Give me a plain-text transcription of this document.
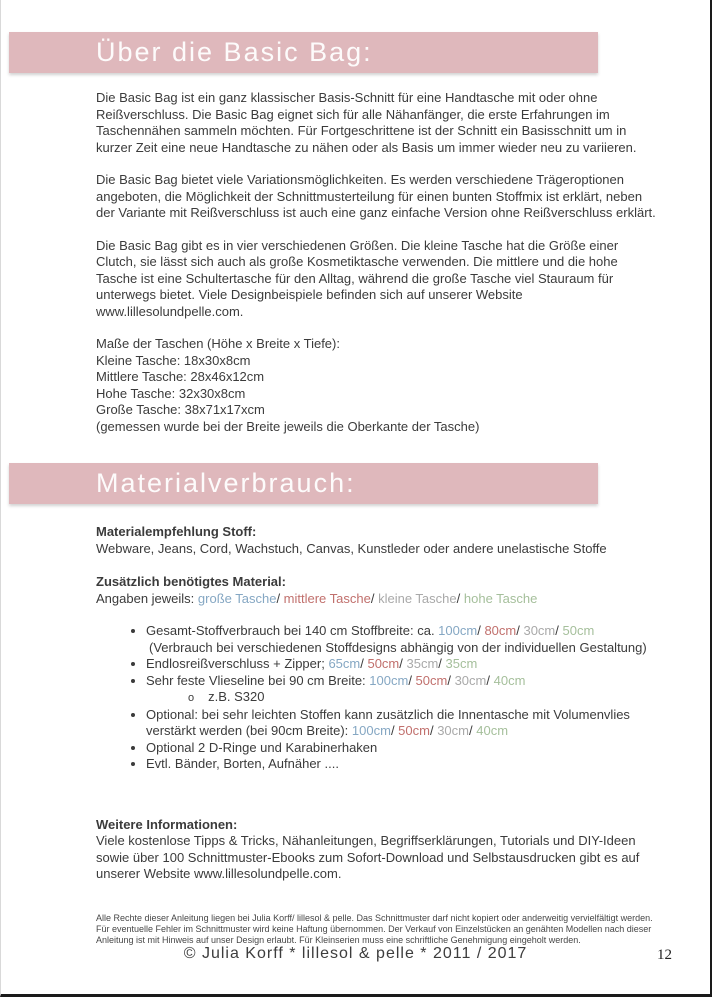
Über die Basic Bag:

Die Basic Bag ist ein ganz klassischer Basis-Schnitt für eine Handtasche mit oder ohne Reißverschluss. Die Basic Bag eignet sich für alle Nähanfänger, die erste Erfahrungen im Taschennähen sammeln möchten. Für Fortgeschrittene ist der Schnitt ein Basisschnitt um in kurzer Zeit eine neue Handtasche zu nähen oder als Basis um immer wieder neu zu variieren.

Die Basic Bag bietet viele Variationsmöglichkeiten. Es werden verschiedene Trägeroptionen angeboten, die Möglichkeit der Schnittmusterteilung für einen bunten Stoffmix ist erklärt, neben der Variante mit Reißverschluss ist auch eine ganz einfache Version ohne Reißverschluss erklärt.

Die Basic Bag gibt es in vier verschiedenen Größen. Die kleine Tasche hat die Größe einer Clutch, sie lässt sich auch als große Kosmetiktasche verwenden. Die mittlere und die hohe Tasche ist eine Schultertasche für den Alltag, während die große Tasche viel Stauraum für unterwegs bietet. Viele Designbeispiele befinden sich auf unserer Website www.lillesolundpelle.com.

Maße der Taschen (Höhe x Breite x Tiefe):
Kleine Tasche: 18x30x8cm
Mittlere Tasche: 28x46x12cm
Hohe Tasche: 32x30x8cm
Große Tasche: 38x71x17xcm
(gemessen wurde bei der Breite jeweils die Oberkante der Tasche)
Materialverbrauch:
Materialempfehlung Stoff:
Webware, Jeans, Cord, Wachstuch, Canvas, Kunstleder oder andere unelastische Stoffe
Zusätzlich benötigtes Material:
Angaben jeweils: große Tasche/ mittlere Tasche/ kleine Tasche/ hohe Tasche
• Gesamt-Stoffverbrauch bei 140 cm Stoffbreite: ca. 100cm/ 80cm/ 30cm/ 50cm
(Verbrauch bei verschiedenen Stoffdesigns abhängig von der individuellen Gestaltung)
• Endlosreißverschluss + Zipper; 65cm/ 50cm/ 35cm/ 35cm
• Sehr feste Vlieseline bei 90 cm Breite: 100cm/ 50cm/ 30cm/ 40cm
o z.B. S320
• Optional: bei sehr leichten Stoffen kann zusätzlich die Innentasche mit Volumenvlies verstärkt werden (bei 90cm Breite): 100cm/ 50cm/ 30cm/ 40cm
• Optional 2 D-Ringe und Karabinerhaken
• Evtl. Bänder, Borten, Aufnäher ....
Weitere Informationen:
Viele kostenlose Tipps & Tricks, Nähanleitungen, Begriffserklärungen, Tutorials und DIY-Ideen sowie über 100 Schnittmuster-Ebooks zum Sofort-Download und Selbstausdrucken gibt es auf unserer Website www.lillesolundpelle.com.
Alle Rechte dieser Anleitung liegen bei Julia Korff/ lillesol & pelle. Das Schnittmuster darf nicht kopiert oder anderweitig vervielfältigt werden. Für eventuelle Fehler im Schnittmuster wird keine Haftung übernommen. Der Verkauf von Einzelstücken an genähten Modellen nach dieser Anleitung ist mit Hinweis auf unser Design erlaubt. Für Kleinserien muss eine schriftliche Genehmigung eingeholt werden.
© Julia Korff * lillesol & pelle * 2011 / 2017	12
